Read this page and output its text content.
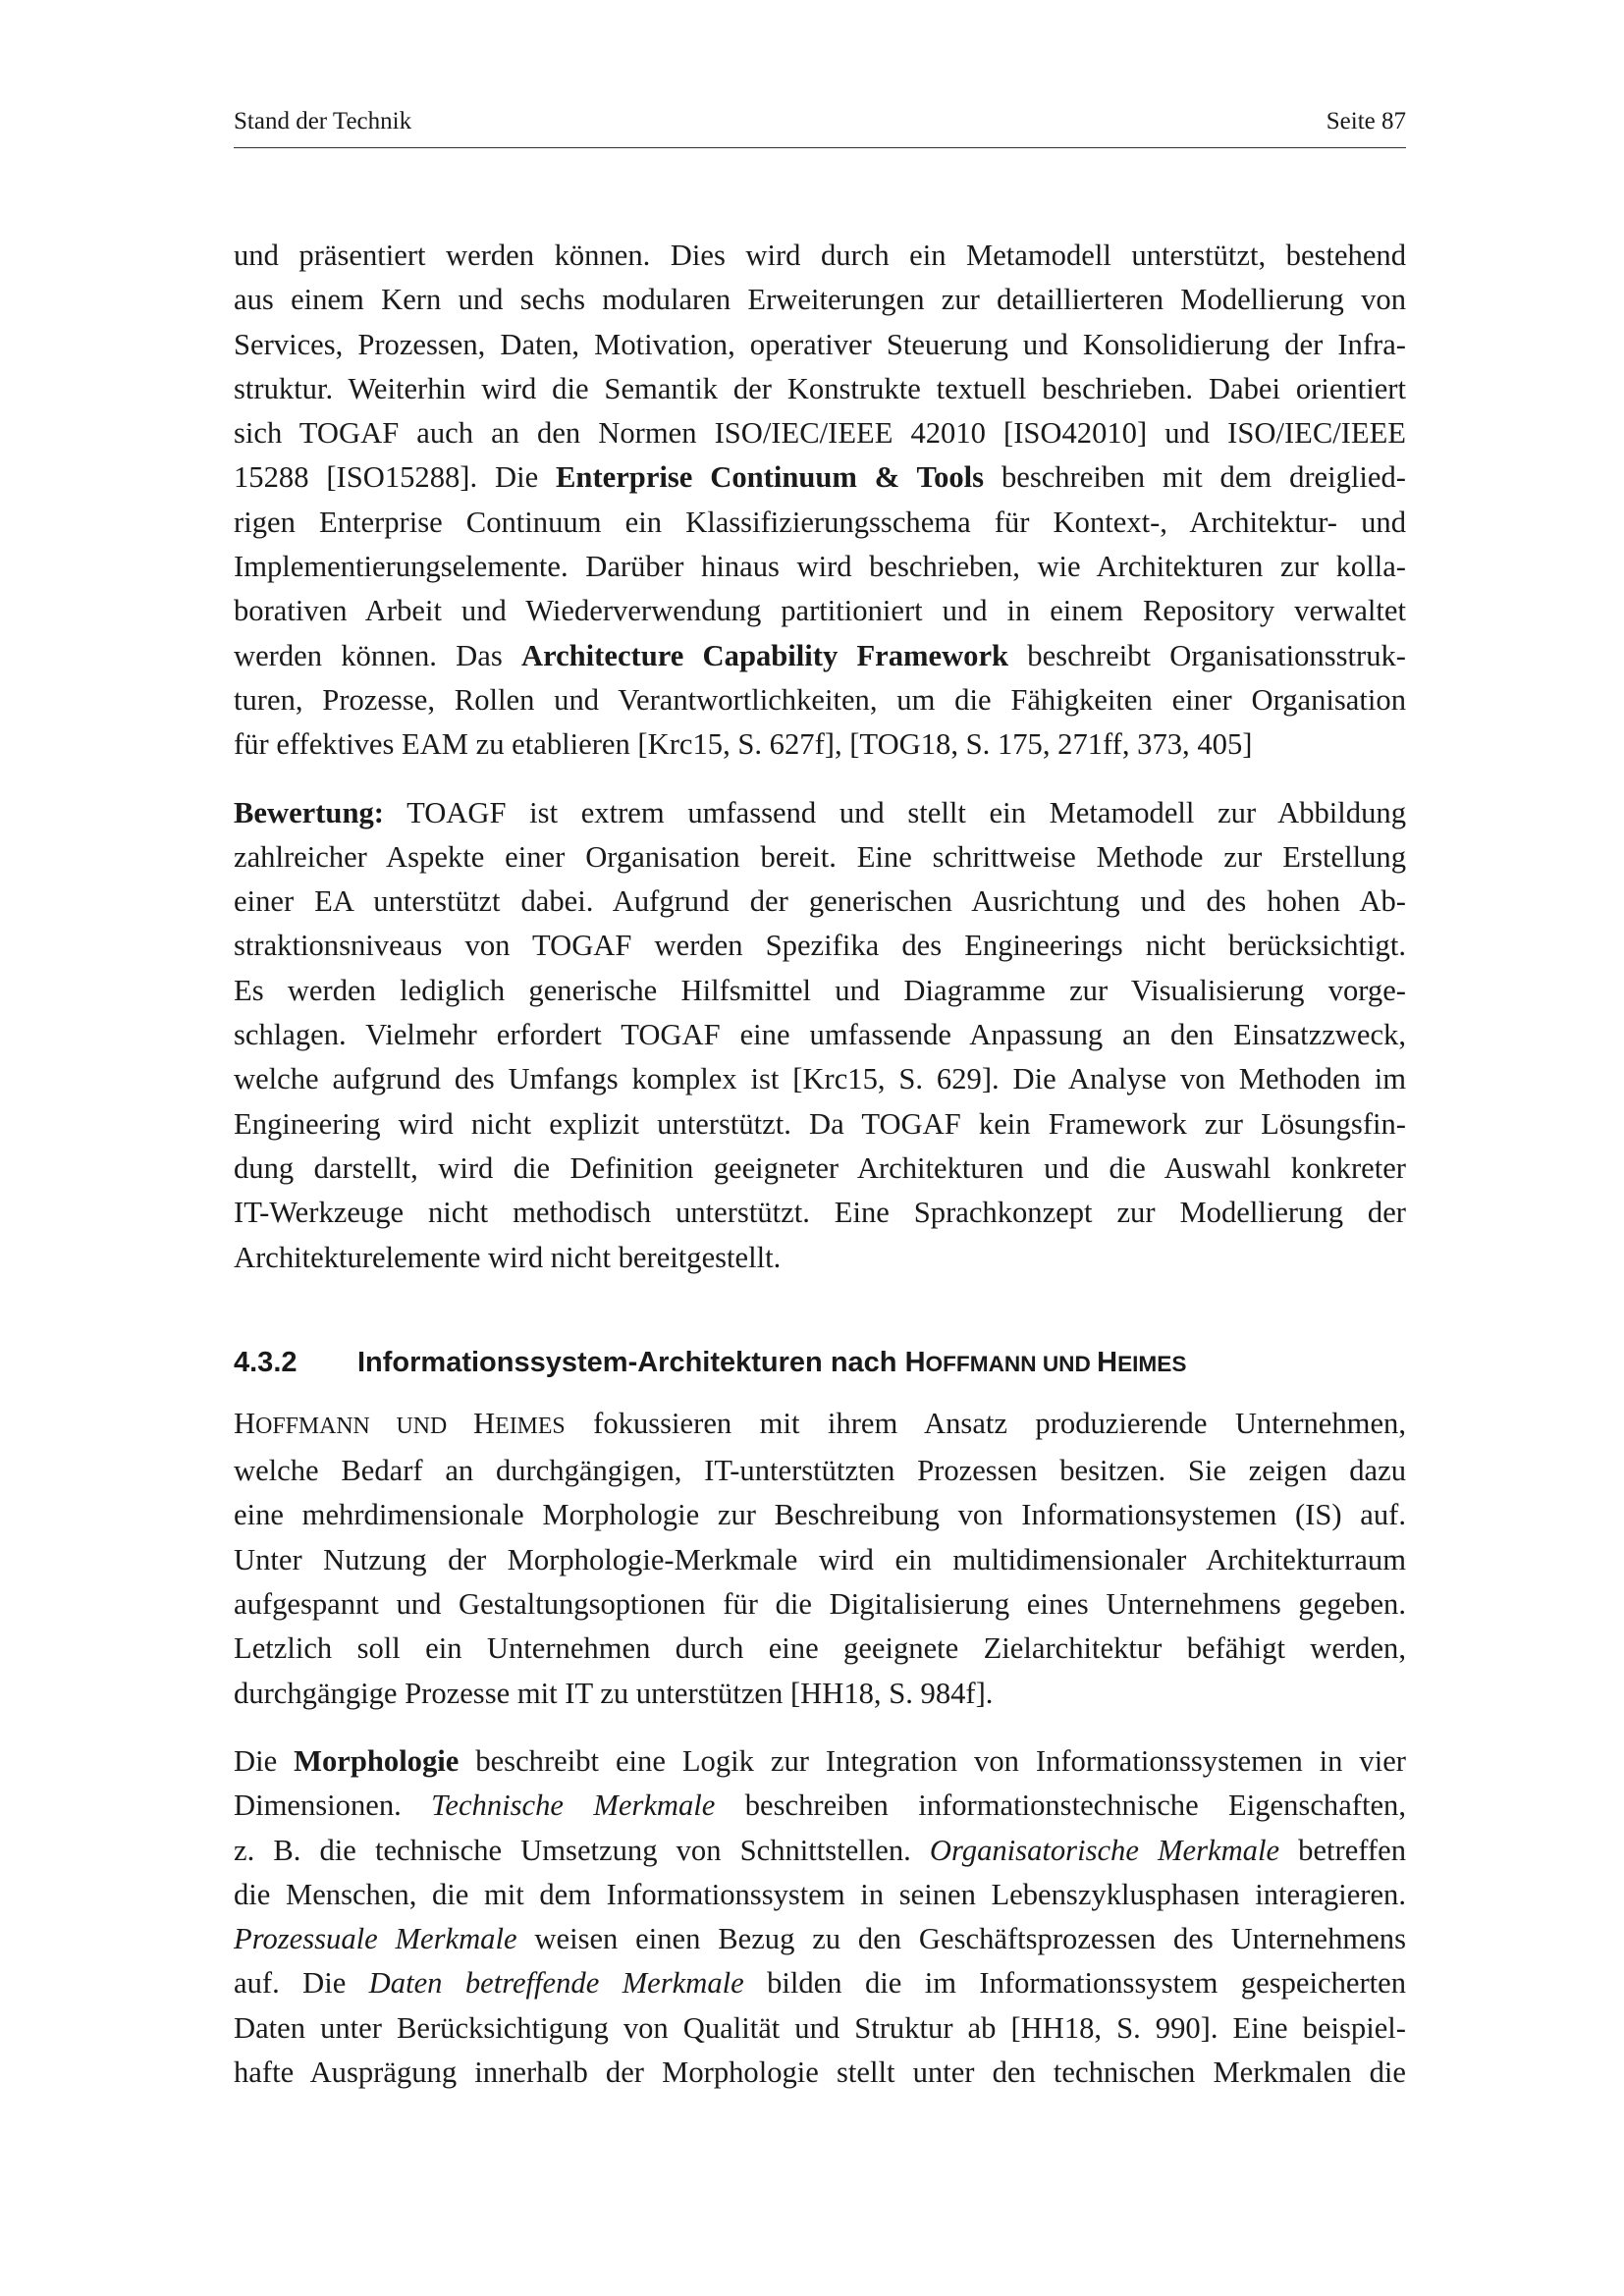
Stand der Technik	Seite 87
und präsentiert werden können. Dies wird durch ein Metamodell unterstützt, bestehend
aus einem Kern und sechs modularen Erweiterungen zur detaillierteren Modellierung von
Services, Prozessen, Daten, Motivation, operativer Steuerung und Konsolidierung der Infra-
struktur. Weiterhin wird die Semantik der Konstrukte textuell beschrieben. Dabei orientiert
sich TOGAF auch an den Normen ISO/IEC/IEEE 42010 [ISO42010] und ISO/IEC/IEEE
15288 [ISO15288]. Die Enterprise Continuum & Tools beschreiben mit dem dreiglied-
rigen Enterprise Continuum ein Klassifizierungsschema für Kontext-, Architektur- und
Implementierungselemente. Darüber hinaus wird beschrieben, wie Architekturen zur kolla-
borativen Arbeit und Wiederverwendung partitioniert und in einem Repository verwaltet
werden können. Das Architecture Capability Framework beschreibt Organisationsstruk-
turen, Prozesse, Rollen und Verantwortlichkeiten, um die Fähigkeiten einer Organisation
für effektives EAM zu etablieren [Krc15, S. 627f], [TOG18, S. 175, 271ff, 373, 405]
Bewertung: TOAGF ist extrem umfassend und stellt ein Metamodell zur Abbildung
zahlreicher Aspekte einer Organisation bereit. Eine schrittweise Methode zur Erstellung
einer EA unterstützt dabei. Aufgrund der generischen Ausrichtung und des hohen Ab-
straktionsniveaus von TOGAF werden Spezifika des Engineerings nicht berücksichtigt.
Es werden lediglich generische Hilfsmittel und Diagramme zur Visualisierung vorge-
schlagen. Vielmehr erfordert TOGAF eine umfassende Anpassung an den Einsatzzweck,
welche aufgrund des Umfangs komplex ist [Krc15, S. 629]. Die Analyse von Methoden im
Engineering wird nicht explizit unterstützt. Da TOGAF kein Framework zur Lösungsfin-
dung darstellt, wird die Definition geeigneter Architekturen und die Auswahl konkreter
IT-Werkzeuge nicht methodisch unterstützt. Eine Sprachkonzept zur Modellierung der
Architekturelemente wird nicht bereitgestellt.
4.3.2	Informationssystem-Architekturen nach HOFFMANN UND HEIMES
HOFFMANN UND HEIMES fokussieren mit ihrem Ansatz produzierende Unternehmen,
welche Bedarf an durchgängigen, IT-unterstützten Prozessen besitzen. Sie zeigen dazu
eine mehrdimensionale Morphologie zur Beschreibung von Informationsystemen (IS) auf.
Unter Nutzung der Morphologie-Merkmale wird ein multidimensionaler Architekturraum
aufgespannt und Gestaltungsoptionen für die Digitalisierung eines Unternehmens gegeben.
Letzlich soll ein Unternehmen durch eine geeignete Zielarchitektur befähigt werden,
durchgängige Prozesse mit IT zu unterstützen [HH18, S. 984f].
Die Morphologie beschreibt eine Logik zur Integration von Informationssystemen in vier
Dimensionen. Technische Merkmale beschreiben informationstechnische Eigenschaften,
z. B. die technische Umsetzung von Schnittstellen. Organisatorische Merkmale betreffen
die Menschen, die mit dem Informationssystem in seinen Lebenszyklusphasen interagieren.
Prozessuale Merkmale weisen einen Bezug zu den Geschäftsprozessen des Unternehmens
auf. Die Daten betreffende Merkmale bilden die im Informationssystem gespeicherten
Daten unter Berücksichtigung von Qualität und Struktur ab [HH18, S. 990]. Eine beispiel-
hafte Ausprägung innerhalb der Morphologie stellt unter den technischen Merkmalen die
